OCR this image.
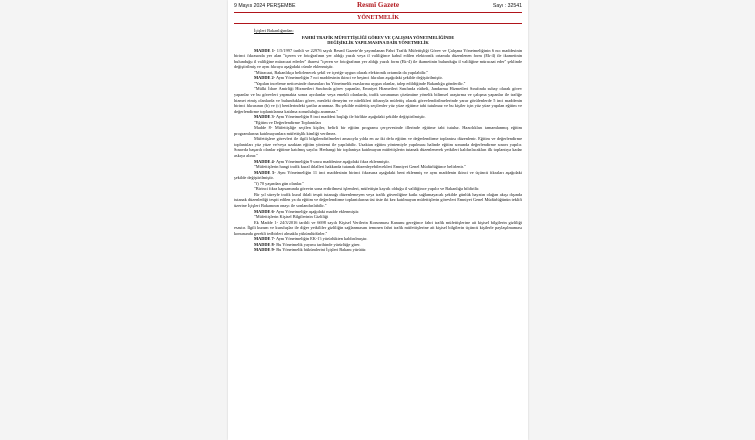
9 Mayıs 2024 PERŞEMBE	Resmî Gazete	Sayı : 32541
YÖNETMELİK

İçişleri Bakanlığından:

FAHRİ TRAFİK MÜFETTİŞLİĞİ GÖREV VE ÇALIŞMA YÖNETMELİĞİNDE
DEĞİŞİKLİK YAPILMASINA DAİR YÖNETMELİK

MADDE 1- 1/5/1997 tarihli ve 22976 sayılı Resmî Gazete'de yayımlanan Fahri Trafik Müfettişliği Görev ve Çalışma Yönetmeliğinin 6 ncı maddesinin birinci fıkrasında yer alan "içeren ve fotoğrafının yer aldığı yazılı veya il valiliğince kabul edilen elektronik ortamda düzenlenen form (Ek-4) ile ikametinin bulunduğu il valiliğine müracaat ederler" ibaresi "içeren ve fotoğrafının yer aldığı yazılı form (Ek-4) ile ikametinin bulunduğu il valiliğine müracaat eder" şeklinde değiştirilmiş ve aynı fıkraya aşağıdaki cümle eklenmiştir.

"Müracaat, Bakanlıkça belirlenecek şekil ve içeriğe uygun olarak elektronik ortamda da yapılabilir."

MADDE 2- Aynı Yönetmeliğin 7 nci maddesinin ikinci ve beşinci fıkraları aşağıdaki şekilde değiştirilmiştir.

"Yapılan inceleme neticesinde durumları bu Yönetmelik esaslarına uygun olanlar, talep edildiğinde Bakanlığa gönderilir."

"Mülki İdare Amirliği Hizmetleri Sınıfında görev yapanlar, Emniyet Hizmetleri Sınıfında rütbeli, Jandarma Hizmetleri Sınıfında subay olarak görev yapanlar ve bu görevleri yapmakta sonra ayrılanlar veya emekli olanlarda, trafik sorununun çözümüne yönelik bilimsel araştırma ve çalışma yapanlar ile trafiğe hizmet etmiş olanlarda ve bulundukları görev, mesleki deneyim ve nitelikleri itibarıyla müfettiş olarak görevlendirilmelerinde yarar görülenlerde 5 inci maddenin birinci fıkrasının (b) ve (c) bentlerindeki şartlar aranmaz. Bu şekilde müfettiş seçilenler yüz yüze eğitime tabi tutulmaz ve bu kişiler için yüz yüze yapılan eğitim ve değerlendirme toplantılarına katılma zorunluluğu aranmaz."

MADDE 3- Aynı Yönetmeliğin 8 inci maddesi başlığı ile birlikte aşağıdaki şekilde değiştirilmiştir.

"Eğitim ve Değerlendirme Toplantıları

Madde 8- Müfettişliğe seçilen kişiler, belirli bir eğitim programı çerçevesinde illerinde eğitime tabi tutulur. Hazırlıkları tamamlanmış eğitim programlarına katılmayanlara müfettişlik kimliği verilmez.

Müfettişlere görevleri ile ilgili bilgilendirilmeleri amacıyla yılda en az iki defa eğitim ve değerlendirme toplantısı düzenlenir. Eğitim ve değerlendirme toplantıları yüz yüze ve/veya uzaktan eğitim yöntemi ile yapılabilir. Uzaktan eğitim yöntemiyle yapılması halinde eğitim sonunda değerlendirme sınavı yapılır. Sınavda başarılı olanlar eğitime katılmış sayılır. Herhangi bir toplantıya katılmayan müfettişlerin tutanak düzenlenerek yetkileri kaldırılacakları ilk toplantıya kadar askıya alınır."

MADDE 4- Aynı Yönetmeliğin 9 uncu maddesine aşağıdaki fıkra eklenmiştir.

"Müfettişlerin hangi trafik kural ihlalleri hakkında tutanak düzenleyebilecekleri Emniyet Genel Müdürlüğünce belirlenir."

MADDE 5- Aynı Yönetmeliğin 11 inci maddesinin birinci fıkrasına aşağıdaki bent eklenmiş ve aynı maddenin ikinci ve üçüncü fıkraları aşağıdaki şekilde değiştirilmiştir.

"f) 70 yaşından gün olanlar."

"Birinci fıkra kapsamında görevin sona erdirilmesi işlemleri, müfettişin kayıtlı olduğu il valiliğince yapılır ve Bakanlığa bildirilir.

Bir yıl süreyle trafik kural ihlali tespit tutanağı düzenlemeyen veya trafik güvenliğine katkı sağlamayacak şekilde günlük hayatın olağan akışı dışında tutanak düzenlediği tespit edilen ya da eğitim ve değerlendirme toplantılarına üst üste iki kez katılmayan müfettişlerin görevleri Emniyet Genel Müdürlüğünün teklifi üzerine İçişleri Bakanının onayı ile sonlandırılabilir."

MADDE 6- Aynı Yönetmeliğe aşağıdaki madde eklenmiştir.

"Müfettişlerin Kişisel Bilgilerinin Gizliliği

Ek Madde 1- 24/3/2016 tarihli ve 6698 sayılı Kişisel Verilerin Korunması Kanunu gereğince fahri trafik müfettişlerine ait kişisel bilgilerin gizliliği esastır. İlgili kurum ve kuruluşlar ile diğer yetkililer gizliliğin sağlanmasını temınen fahri trafik müfettişlerine ait kişisel bilgilerin üçüncü kişilerle paylaşılmaması konusunda gerekli tedbirleri almakla yükümlüdürler."

MADDE 7- Aynı Yönetmeliğin EK-1'i yürürlükten kaldırılmıştır.

MADDE 8- Bu Yönetmelik yayımı tarihinde yürürlüğe girer.

MADDE 9- Bu Yönetmelik hükümlerini İçişleri Bakanı yürütür.
